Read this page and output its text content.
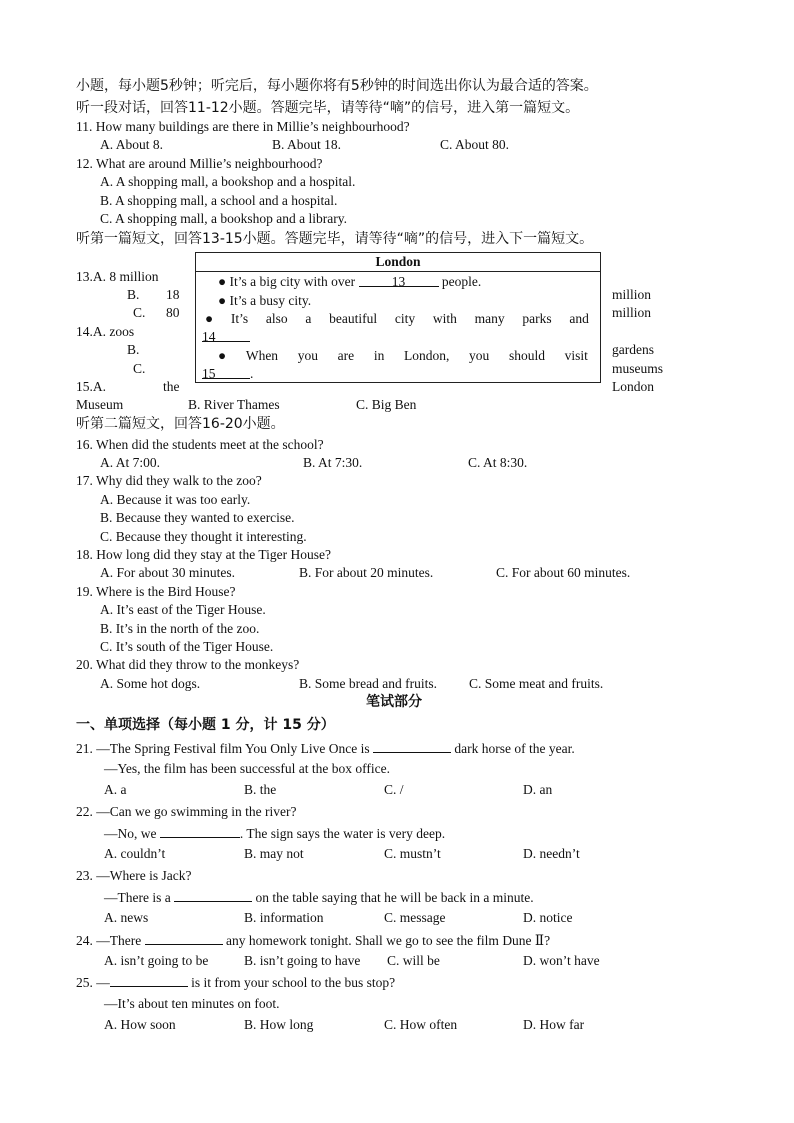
小题，每小题5秒钟；听完后，每小题你将有5秒钟的时间选出你认为最合适的答案。
听一段对话，回答11-12小题。答题完毕，请等待“嘀”的信号，进入第一篇短文。
11. How many buildings are there in Millie’s neighbourhood?
A. About 8.	B. About 18.	C. About 80.
12. What are around Millie’s neighbourhood?
A. A shopping mall, a bookshop and a hospital.
B. A shopping mall, a school and a hospital.
C. A shopping mall, a bookshop and a library.
听第一篇短文，回答13-15小题。答题完毕，请等待“嘀”的信号，进入下一篇短文。
London
● It’s a big city with over	13	people.
● It’s a busy city.
● It’s also a beautiful city with many parks and
14
● When you are in London, you should visit
15	.
13.A. 8 million
B. 18	million
C. 80	million
14.A. zoos
B.	gardens
C.	museums
15.A.	the	London
Museum	B. River Thames	C. Big Ben
听第二篇短文，回答16-20小题。
16. When did the students meet at the school?
A. At 7:00.	B. At 7:30.	C. At 8:30.
17. Why did they walk to the zoo?
A. Because it was too early.
B. Because they wanted to exercise.
C. Because they thought it interesting.
18. How long did they stay at the Tiger House?
A. For about 30 minutes.	B. For about 20 minutes.	C. For about 60 minutes.
19. Where is the Bird House?
A. It’s east of the Tiger House.
B. It’s in the north of the zoo.
C. It’s south of the Tiger House.
20. What did they throw to the monkeys?
A. Some hot dogs.	B. Some bread and fruits. C. Some meat and fruits.
笔试部分
一、单项选择（每小题 1 分，计 15 分）
21. —The Spring Festival film You Only Live Once is	dark horse of the year.
—Yes, the film has been successful at the box office.
A. a	B. the	C. /	D. an
22. —Can we go swimming in the river?
—No, we	. The sign says the water is very deep.
A. couldn’t	B. may not	C. mustn’t	D. needn’t
23. —Where is Jack?
—There is a	on the table saying that he will be back in a minute.
A. news	B. information	C. message	D. notice
24. —There	any homework tonight. Shall we go to see the film Dune Ⅱ?
A. isn’t going to be	B. isn’t going to have C. will be	D. won’t have
25. —	is it from your school to the bus stop?
—It’s about ten minutes on foot.
A. How soon	B. How long	C. How often	D. How far
